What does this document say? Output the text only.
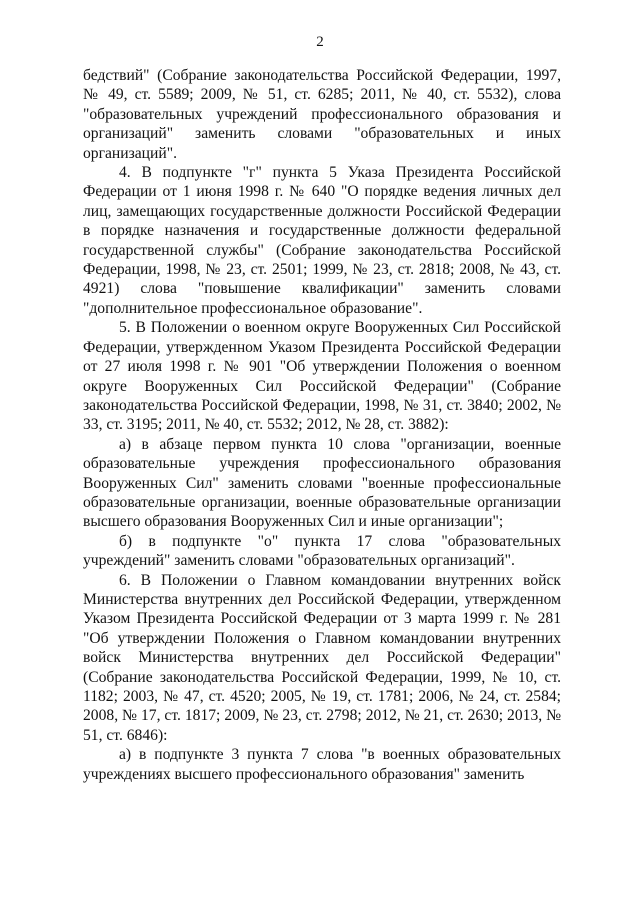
2

бедствий" (Собрание законодательства Российской Федерации, 1997, № 49, ст. 5589; 2009, № 51, ст. 6285; 2011, № 40, ст. 5532), слова "образовательных учреждений профессионального образования и организаций" заменить словами "образовательных и иных организаций".

4. В подпункте "г" пункта 5 Указа Президента Российской Федерации от 1 июня 1998 г. № 640 "О порядке ведения личных дел лиц, замещающих государственные должности Российской Федерации в порядке назначения и государственные должности федеральной государственной службы" (Собрание законодательства Российской Федерации, 1998, № 23, ст. 2501; 1999, № 23, ст. 2818; 2008, № 43, ст. 4921) слова "повышение квалификации" заменить словами "дополнительное профессиональное образование".

5. В Положении о военном округе Вооруженных Сил Российской Федерации, утвержденном Указом Президента Российской Федерации от 27 июля 1998 г. № 901 "Об утверждении Положения о военном округе Вооруженных Сил Российской Федерации" (Собрание законодательства Российской Федерации, 1998, № 31, ст. 3840; 2002, № 33, ст. 3195; 2011, № 40, ст. 5532; 2012, № 28, ст. 3882):

а) в абзаце первом пункта 10 слова "организации, военные образовательные учреждения профессионального образования Вооруженных Сил" заменить словами "военные профессиональные образовательные организации, военные образовательные организации высшего образования Вооруженных Сил и иные организации";

б) в подпункте "о" пункта 17 слова "образовательных учреждений" заменить словами "образовательных организаций".

6. В Положении о Главном командовании внутренних войск Министерства внутренних дел Российской Федерации, утвержденном Указом Президента Российской Федерации от 3 марта 1999 г. № 281 "Об утверждении Положения о Главном командовании внутренних войск Министерства внутренних дел Российской Федерации" (Собрание законодательства Российской Федерации, 1999, № 10, ст. 1182; 2003, № 47, ст. 4520; 2005, № 19, ст. 1781; 2006, № 24, ст. 2584; 2008, № 17, ст. 1817; 2009, № 23, ст. 2798; 2012, № 21, ст. 2630; 2013, № 51, ст. 6846):

а) в подпункте 3 пункта 7 слова "в военных образовательных учреждениях высшего профессионального образования" заменить
